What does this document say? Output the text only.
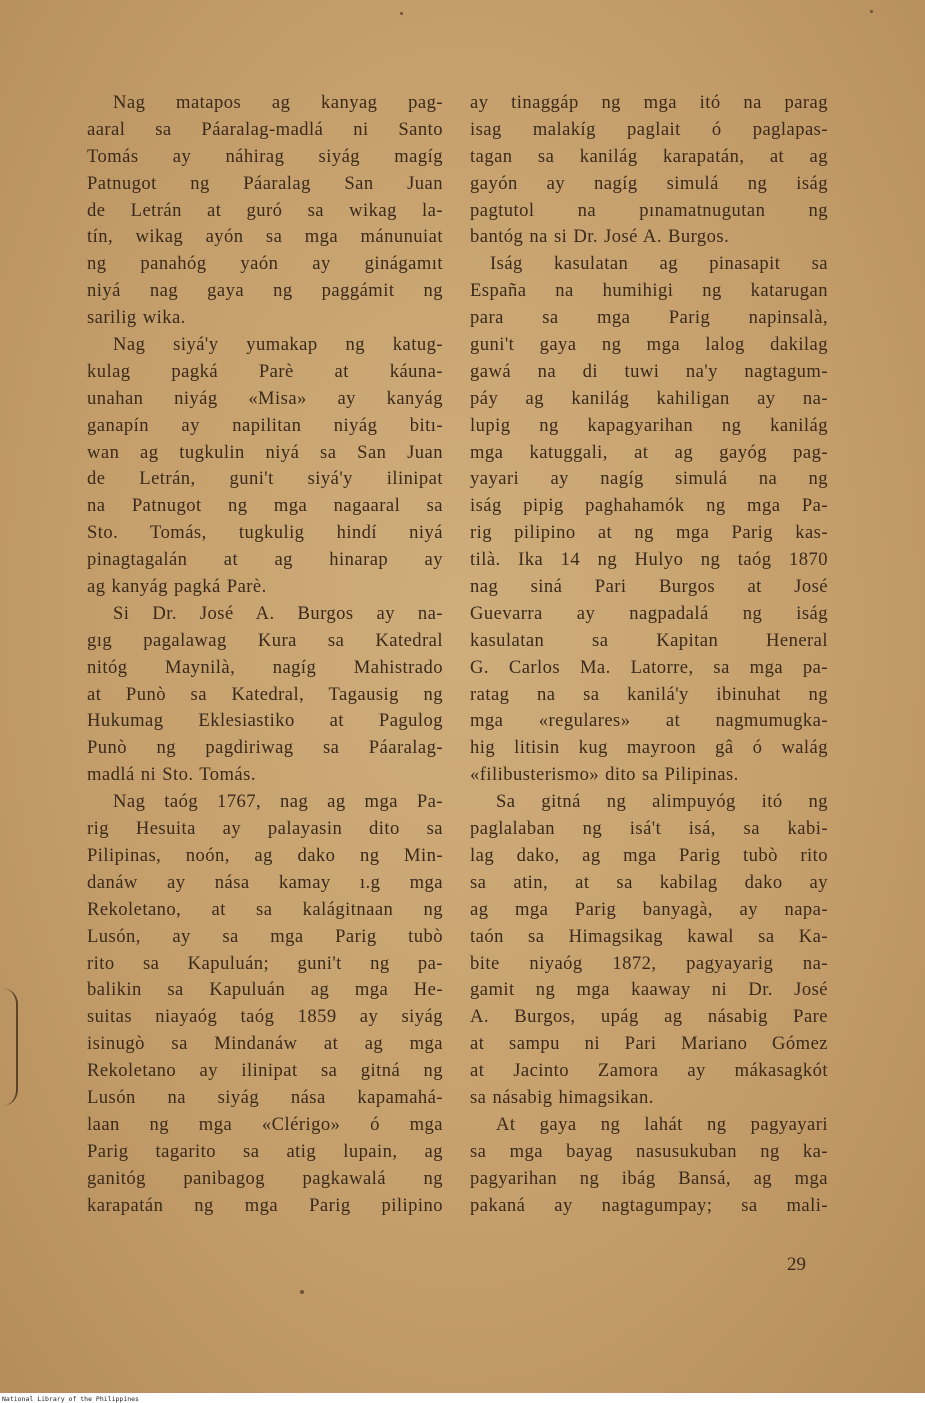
Nag matapos ag kanyag pag-
aaral sa Páaralag-madlá ni Santo
Tomás ay náhirag siyág magíg
Patnugot ng Páaralag San Juan
de Letrán at guró sa wikag la-
tín, wikag ayón sa mga mánunuiat
ng panahóg yaón ay ginágamıt
niyá nag gaya ng paggámit ng
sarilig wika.
Nag siyá'y yumakap ng katug-
kulag pagká Parè at káuna-
unahan niyág «Misa» ay kanyág
ganapín ay napilitan niyág bitı-
wan ag tugkulin niyá sa San Juan
de Letrán, guni't siyá'y ilinipat
na Patnugot ng mga nagaaral sa
Sto. Tomás, tugkulig hindí niyá
pinagtagalán at ag hinarap ay
ag kanyág pagká Parè.
Si Dr. José A. Burgos ay na-
gıg pagalawag Kura sa Katedral
nitóg Maynilà, nagíg Mahistrado
at Punò sa Katedral, Tagausig ng
Hukumag Eklesiastiko at Pagulog
Punò ng pagdiriwag sa Páaralag-
madlá ni Sto. Tomás.
Nag taóg 1767, nag ag mga Pa-
rig Hesuita ay palayasin dito sa
Pilipinas, noón, ag dako ng Min-
danáw ay nása kamay ı.g mga
Rekoletano, at sa kalágitnaan ng
Lusón, ay sa mga Parig tubò
rito sa Kapuluán; guni't ng pa-
balikin sa Kapuluán ag mga He-
suitas niayaóg taóg 1859 ay siyág
isinugò sa Mindanáw at ag mga
Rekoletano ay ilinipat sa gitná ng
Lusón na siyág nása kapamahá-
laan ng mga «Clérigo» ó mga
Parig tagarito sa atig lupain, ag
ganitóg panibagog pagkawalá ng
karapatán ng mga Parig pilipino
ay tinaggáp ng mga itó na parag
isag malakíg paglait ó paglapas-
tagan sa kanilág karapatán, at ag
gayón ay nagíg simulá ng iság
pagtutol na pınamatnugutan ng
bantóg na si Dr. José A. Burgos.
Iság kasulatan ag pinasapit sa
España na humihigi ng katarugan
para sa mga Parig napinsalà,
guni't gaya ng mga lalog dakilag
gawá na di tuwi na'y nagtagum-
páy ag kanilág kahiligan ay na-
lupig ng kapagyarihan ng kanilág
mga katuggali, at ag gayóg pag-
yayari ay nagíg simulá na ng
iság pipig paghahamók ng mga Pa-
rig pilipino at ng mga Parig kas-
tilà. Ika 14 ng Hulyo ng taóg 1870
nag siná Pari Burgos at José
Guevarra ay nagpadalá ng iság
kasulatan sa Kapitan Heneral
G. Carlos Ma. Latorre, sa mga pa-
ratag na sa kanilá'y ibinuhat ng
mga «regulares» at nagmumugka-
hig litisin kug mayroon gâ ó walág
«filibusterismo» dito sa Pilipinas.
Sa gitná ng alimpuyóg itó ng
paglalaban ng isá't isá, sa kabi-
lag dako, ag mga Parig tubò rito
sa atin, at sa kabilag dako ay
ag mga Parig banyagà, ay napa-
taón sa Himagsikag kawal sa Ka-
bite niyaóg 1872, pagyayarig na-
gamit ng mga kaaway ni Dr. José
A. Burgos, upág ag násabig Pare
at sampu ni Pari Mariano Gómez
at Jacinto Zamora ay mákasagkót
sa násabig himagsikan.
At gaya ng lahát ng pagyayari
sa mga bayag nasusukuban ng ka-
pagyarihan ng ibág Bansá, ag mga
pakaná ay nagtagumpay; sa mali-
29
National Library of the Philippines
